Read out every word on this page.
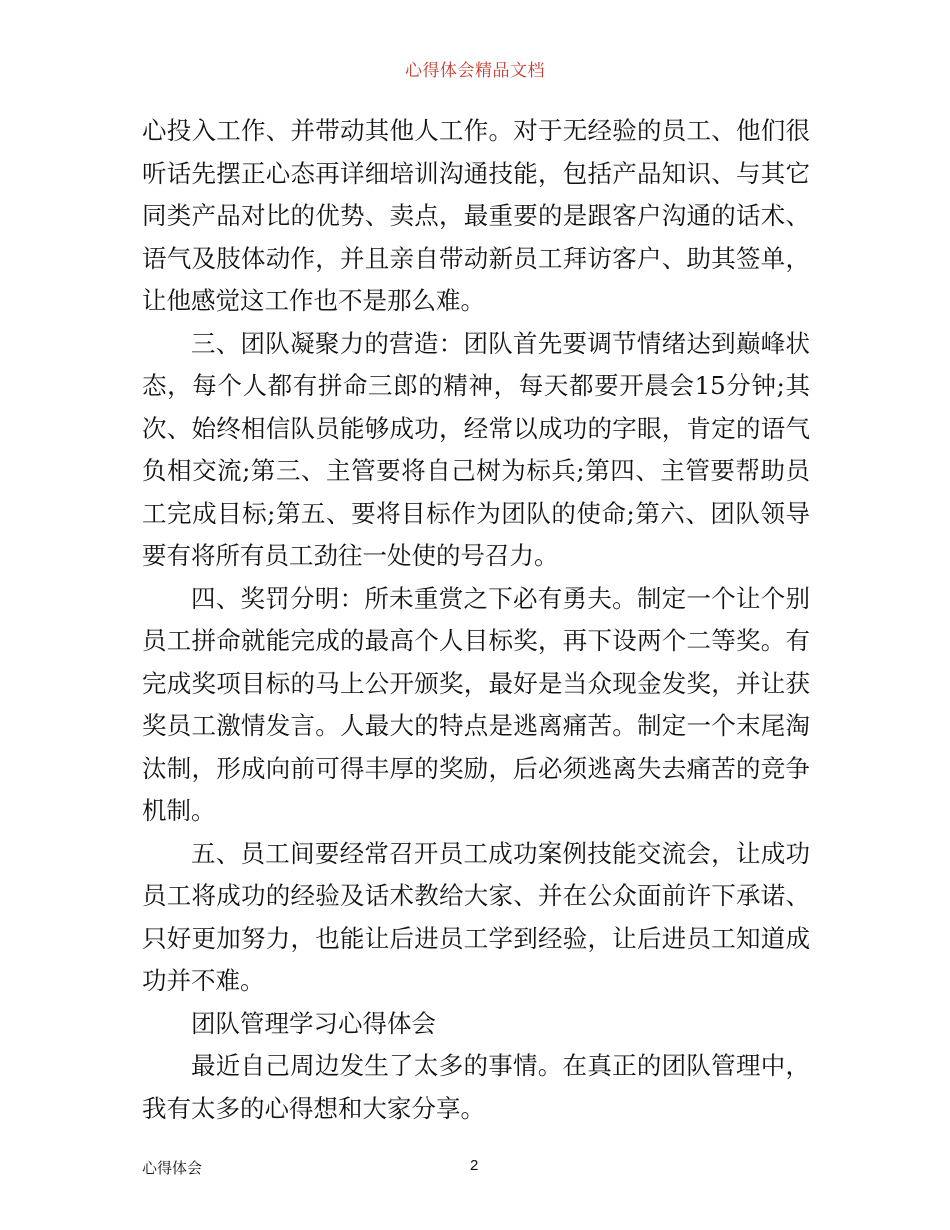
心得体会精品文档

心投入工作、并带动其他人工作。对于无经验的员工、他们很听话先摆正心态再详细培训沟通技能，包括产品知识、与其它同类产品对比的优势、卖点，最重要的是跟客户沟通的话术、语气及肢体动作，并且亲自带动新员工拜访客户、助其签单，让他感觉这工作也不是那么难。

三、团队凝聚力的营造：团队首先要调节情绪达到巅峰状态，每个人都有拼命三郎的精神，每天都要开晨会15分钟;其次、始终相信队员能够成功，经常以成功的字眼，肯定的语气负相交流;第三、主管要将自己树为标兵;第四、主管要帮助员工完成目标;第五、要将目标作为团队的使命;第六、团队领导要有将所有员工劲往一处使的号召力。

四、奖罚分明：所未重赏之下必有勇夫。制定一个让个别员工拼命就能完成的最高个人目标奖，再下设两个二等奖。有完成奖项目标的马上公开颁奖，最好是当众现金发奖，并让获奖员工激情发言。人最大的特点是逃离痛苦。制定一个末尾淘汰制，形成向前可得丰厚的奖励，后必须逃离失去痛苦的竞争机制。

五、员工间要经常召开员工成功案例技能交流会，让成功员工将成功的经验及话术教给大家、并在公众面前许下承诺、只好更加努力，也能让后进员工学到经验，让后进员工知道成功并不难。

团队管理学习心得体会

最近自己周边发生了太多的事情。在真正的团队管理中，我有太多的心得想和大家分享。

心得体会	2
